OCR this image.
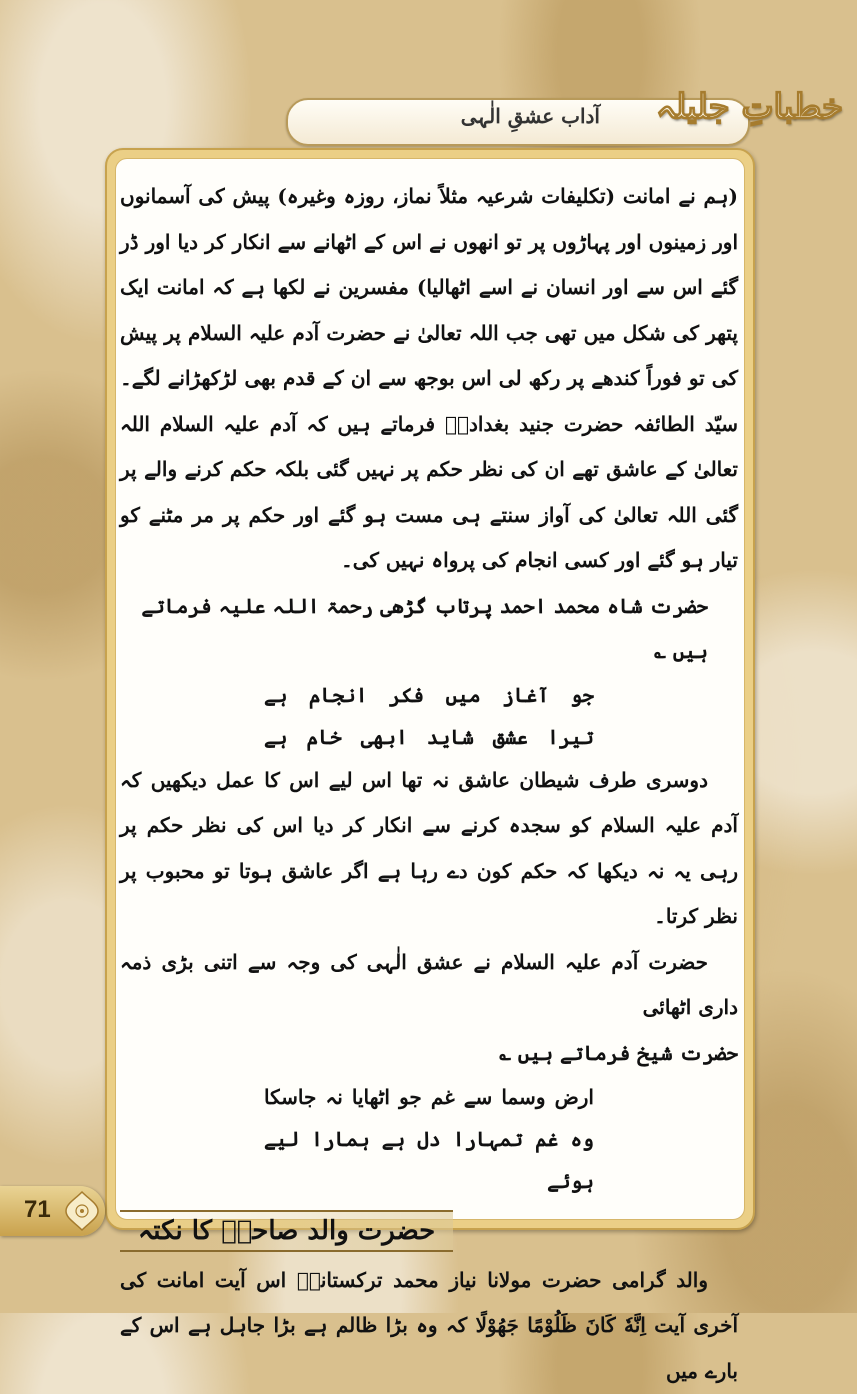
آداب عشقِ الٰہی خطباتِ جلیلہ

(ہم نے امانت (تکلیفات شرعیہ مثلاً نماز، روزہ وغیرہ) پیش کی آسمانوں اور زمینوں اور پہاڑوں پر تو انھوں نے اس کے اٹھانے سے انکار کر دیا اور ڈر گئے اس سے اور انسان نے اسے اٹھالیا) مفسرین نے لکھا ہے کہ امانت ایک پتھر کی شکل میں تھی جب اللہ تعالیٰ نے حضرت آدم علیہ السلام پر پیش کی تو فوراً کندھے پر رکھ لی اس بوجھ سے ان کے قدم بھی لڑکھڑانے لگے۔ سیّد الطائفہ حضرت جنید بغدادیؒ فرماتے ہیں کہ آدم علیہ السلام اللہ تعالیٰ کے عاشق تھے ان کی نظر حکم پر نہیں گئی بلکہ حکم کرنے والے پر گئی اللہ تعالیٰ کی آواز سنتے ہی مست ہو گئے اور حکم پر مر مٹنے کو تیار ہو گئے اور کسی انجام کی پرواہ نہیں کی۔

حضرت شاہ محمد احمد پرتاب گڑھی رحمۃ اللہ علیہ فرماتے ہیں ؎

جو آغاز میں فکر انجام ہے

تیرا عشق شاید ابھی خام ہے

دوسری طرف شیطان عاشق نہ تھا اس لیے اس کا عمل دیکھیں کہ آدم علیہ السلام کو سجدہ کرنے سے انکار کر دیا اس کی نظر حکم پر رہی یہ نہ دیکھا کہ حکم کون دے رہا ہے اگر عاشق ہوتا تو محبوب پر نظر کرتا۔

حضرت آدم علیہ السلام نے عشق الٰہی کی وجہ سے اتنی بڑی ذمہ داری اٹھائی

حضرت شیخ فرماتے ہیں ؎

ارض وسما سے غم جو اٹھایا نہ جاسکا

وہ غم تمہارا دل ہے ہمارا لیے ہوئے

حضرت والد صاحبؒ کا نکتہ

والد گرامی حضرت مولانا نیاز محمد ترکستانیؒ اس آیت امانت کی آخری آیت اِنَّهٗ كَانَ ظَلُوْمًا جَهُوْلًا کہ وہ بڑا ظالم ہے بڑا جاہل ہے اس کے بارے میں

71
